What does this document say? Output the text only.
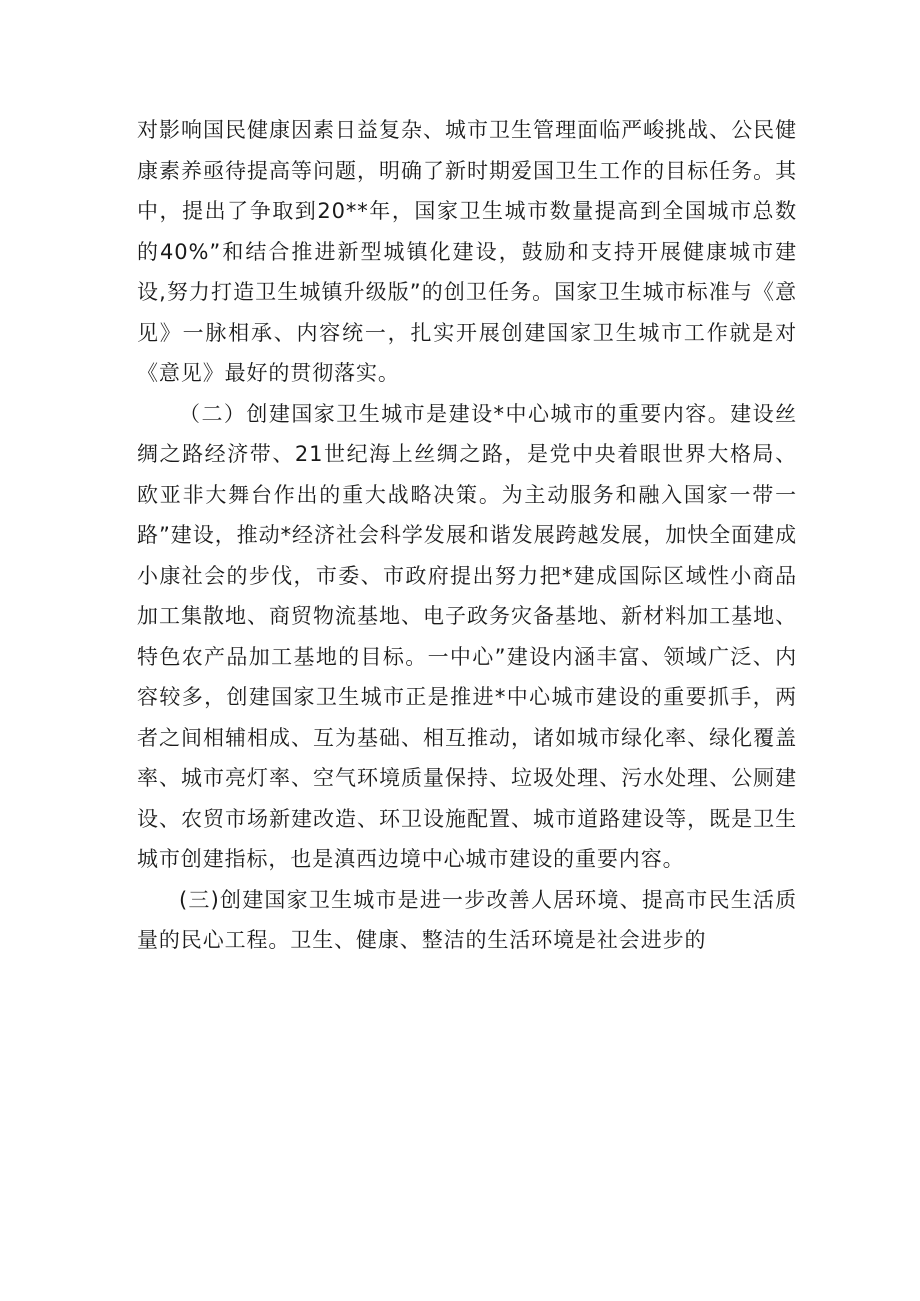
对影响国民健康因素日益复杂、城市卫生管理面临严峻挑战、公民健康素养亟待提高等问题，明确了新时期爱国卫生工作的目标任务。其中，提出了争取到20**年，国家卫生城市数量提高到全国城市总数的40%”和结合推进新型城镇化建设，鼓励和支持开展健康城市建设,努力打造卫生城镇升级版”的创卫任务。国家卫生城市标准与《意见》一脉相承、内容统一，扎实开展创建国家卫生城市工作就是对《意见》最好的贯彻落实。

（二）创建国家卫生城市是建设*中心城市的重要内容。建设丝绸之路经济带、21世纪海上丝绸之路，是党中央着眼世界大格局、欧亚非大舞台作出的重大战略决策。为主动服务和融入国家一带一路”建设，推动*经济社会科学发展和谐发展跨越发展，加快全面建成小康社会的步伐，市委、市政府提出努力把*建成国际区域性小商品加工集散地、商贸物流基地、电子政务灾备基地、新材料加工基地、特色农产品加工基地的目标。一中心”建设内涵丰富、领域广泛、内容较多，创建国家卫生城市正是推进*中心城市建设的重要抓手，两者之间相辅相成、互为基础、相互推动，诸如城市绿化率、绿化覆盖率、城市亮灯率、空气环境质量保持、垃圾处理、污水处理、公厕建设、农贸市场新建改造、环卫设施配置、城市道路建设等，既是卫生城市创建指标，也是滇西边境中心城市建设的重要内容。

(三)创建国家卫生城市是进一步改善人居环境、提高市民生活质量的民心工程。卫生、健康、整洁的生活环境是社会进步的
